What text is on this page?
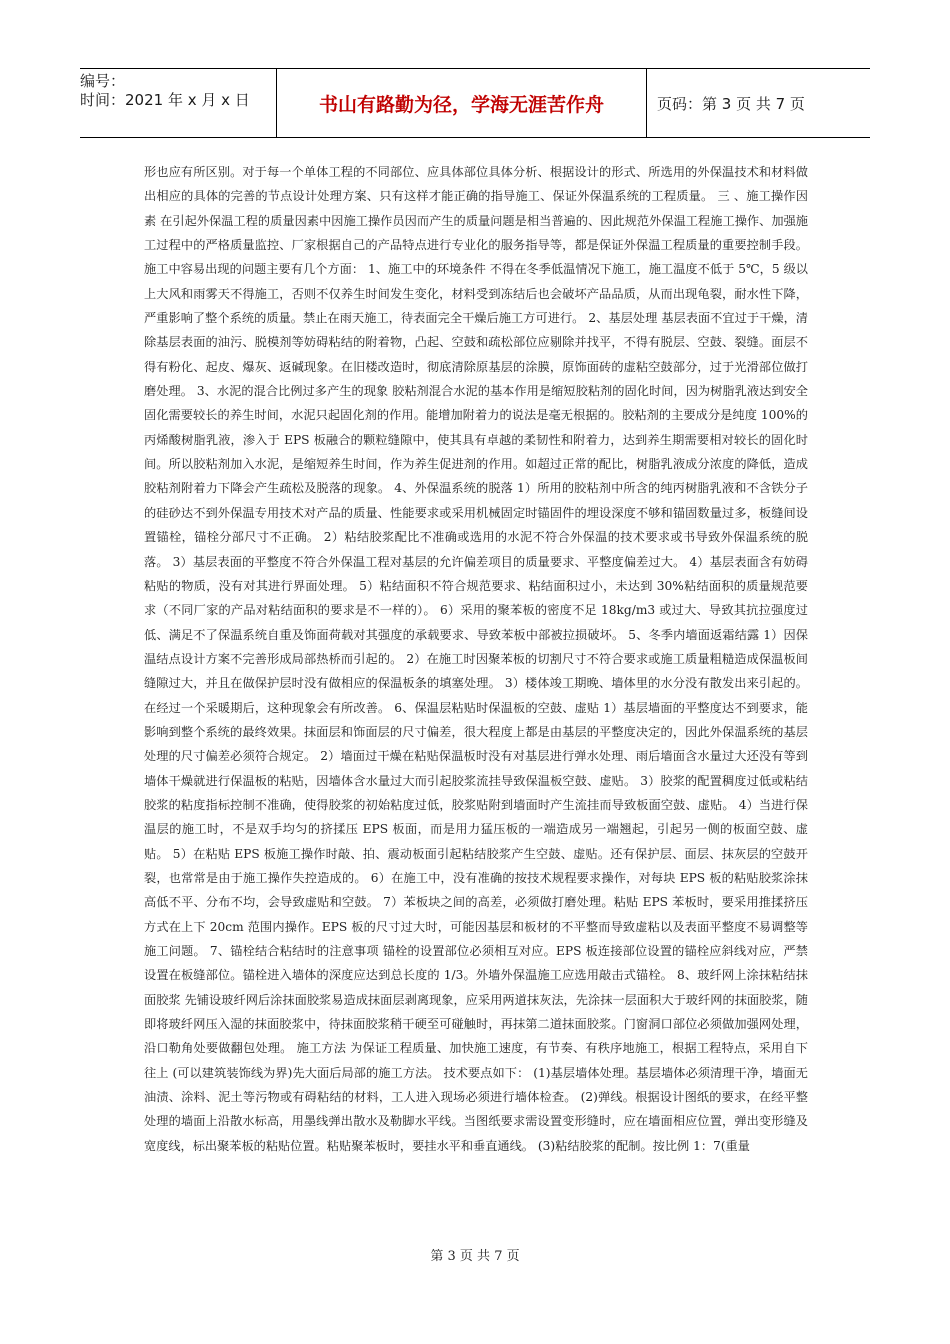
编号：
时间：2021 年 x 月 x 日	书山有路勤为径，学海无涯苦作舟	页码：第 3 页 共 7 页

形也应有所区别。对于每一个单体工程的不同部位、应具体部位具体分析、根据设计的形式、所选用的外保温技术和材料做出相应的具体的完善的节点设计处理方案、只有这样才能正确的指导施工、保证外保温系统的工程质量。 三 、施工操作因素 在引起外保温工程的质量因素中因施工操作员因而产生的质量问题是相当普遍的、因此规范外保温工程施工操作、加强施工过程中的严格质量监控、厂家根据自己的产品特点进行专业化的服务指导等，都是保证外保温工程质量的重要控制手段。施工中容易出现的问题主要有几个方面： 1、施工中的环境条件 不得在冬季低温情况下施工，施工温度不低于 5℃，5 级以上大风和雨雾天不得施工，否则不仅养生时间发生变化，材料受到冻结后也会破坏产品品质，从而出现龟裂，耐水性下降，严重影响了整个系统的质量。禁止在雨天施工，待表面完全干燥后施工方可进行。 2、基层处理 基层表面不宜过于干燥，清除基层表面的油污、脱模剂等妨碍粘结的附着物，凸起、空鼓和疏松部位应剔除并找平，不得有脱层、空鼓、裂缝。面层不得有粉化、起皮、爆灰、返碱现象。在旧楼改造时，彻底清除原基层的涂膜，原饰面砖的虚粘空鼓部分，过于光滑部位做打磨处理。 3、水泥的混合比例过多产生的现象 胶粘剂混合水泥的基本作用是缩短胶粘剂的固化时间，因为树脂乳液达到安全固化需要较长的养生时间，水泥只起固化剂的作用。能增加附着力的说法是毫无根据的。胶粘剂的主要成分是纯度 100%的丙烯酸树脂乳液，渗入于 EPS 板融合的颗粒缝隙中，使其具有卓越的柔韧性和附着力，达到养生期需要相对较长的固化时间。所以胶粘剂加入水泥，是缩短养生时间，作为养生促进剂的作用。如超过正常的配比，树脂乳液成分浓度的降低，造成胶粘剂附着力下降会产生疏松及脱落的现象。 4、外保温系统的脱落 1）所用的胶粘剂中所含的纯丙树脂乳液和不含铁分子的硅砂达不到外保温专用技术对产品的质量、性能要求或采用机械固定时锚固件的埋设深度不够和锚固数量过多，板缝间设置锚栓，锚栓分部尺寸不正确。 2）粘结胶浆配比不准确或选用的水泥不符合外保温的技术要求或书导致外保温系统的脱落。 3）基层表面的平整度不符合外保温工程对基层的允许偏差项目的质量要求、平整度偏差过大。 4）基层表面含有妨碍粘贴的物质，没有对其进行界面处理。 5）粘结面积不符合规范要求、粘结面积过小，未达到 30%粘结面积的质量规范要求（不同厂家的产品对粘结面积的要求是不一样的）。 6）采用的聚苯板的密度不足 18kg/m3 或过大、导致其抗拉强度过低、满足不了保温系统自重及饰面荷载对其强度的承载要求、导致苯板中部被拉损破坏。 5、冬季内墙面返霜结露 1）因保温结点设计方案不完善形成局部热桥而引起的。 2）在施工时因聚苯板的切割尺寸不符合要求或施工质量粗糙造成保温板间缝隙过大，并且在做保护层时没有做相应的保温板条的填塞处理。 3）楼体竣工期晚、墙体里的水分没有散发出来引起的。在经过一个采暖期后，这种现象会有所改善。 6、保温层粘贴时保温板的空鼓、虚贴 1）基层墙面的平整度达不到要求，能影响到整个系统的最终效果。抹面层和饰面层的尺寸偏差，很大程度上都是由基层的平整度决定的，因此外保温系统的基层处理的尺寸偏差必须符合规定。 2）墙面过干燥在粘贴保温板时没有对基层进行弹水处理、雨后墙面含水量过大还没有等到墙体干燥就进行保温板的粘贴，因墙体含水量过大而引起胶浆流挂导致保温板空鼓、虚贴。 3）胶浆的配置稠度过低或粘结胶浆的粘度指标控制不准确，使得胶浆的初始粘度过低，胶浆贴附到墙面时产生流挂而导致板面空鼓、虚贴。 4）当进行保温层的施工时，不是双手均匀的挤揉压 EPS 板面，而是用力猛压板的一端造成另一端翘起，引起另一侧的板面空鼓、虚贴。 5）在粘贴 EPS 板施工操作时敲、拍、震动板面引起粘结胶浆产生空鼓、虚贴。还有保护层、面层、抹灰层的空鼓开裂，也常常是由于施工操作失控造成的。 6）在施工中，没有准确的按技术规程要求操作，对每块 EPS 板的粘贴胶浆涂抹高低不平、分布不均，会导致虚贴和空鼓。 7）苯板块之间的高差，必须做打磨处理。粘贴 EPS 苯板时，要采用推揉挤压方式在上下 20cm 范围内操作。EPS 板的尺寸过大时，可能因基层和板材的不平整而导致虚粘以及表面平整度不易调整等施工问题。 7、锚栓结合粘结时的注意事项 锚栓的设置部位必须相互对应。EPS 板连接部位设置的锚栓应斜线对应，严禁设置在板缝部位。锚栓进入墙体的深度应达到总长度的 1/3。外墙外保温施工应选用敲击式锚栓。 8、玻纤网上涂抹粘结抹面胶浆 先铺设玻纤网后涂抹面胶浆易造成抹面层剥离现象，应采用两道抹灰法，先涂抹一层面积大于玻纤网的抹面胶浆，随即将玻纤网压入湿的抹面胶浆中，待抹面胶浆稍干硬至可碰触时，再抹第二道抹面胶浆。门窗洞口部位必须做加强网处理，沿口勒角处要做翻包处理。 施工方法 为保证工程质量、加快施工速度，有节奏、有秩序地施工，根据工程特点，采用自下往上 (可以建筑装饰线为界)先大面后局部的施工方法。 技术要点如下： (1)基层墙体处理。基层墙体必须清理干净，墙面无油渍、涂料、泥土等污物或有碍粘结的材料，工人进入现场必须进行墙体检查。 (2)弹线。根据设计图纸的要求，在经平整处理的墙面上沿散水标高，用墨线弹出散水及勒脚水平线。当图纸要求需设置变形缝时，应在墙面相应位置，弹出变形缝及宽度线，标出聚苯板的粘贴位置。粘贴聚苯板时，要挂水平和垂直通线。 (3)粘结胶浆的配制。按比例 1：7(重量

第 3 页 共 7 页
